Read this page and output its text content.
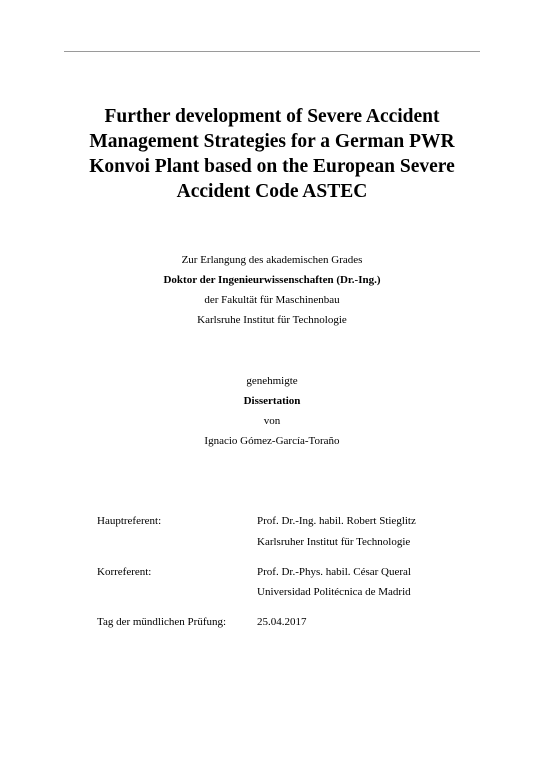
Further development of Severe Accident
Management Strategies for a German PWR
Konvoi Plant based on the European Severe
Accident Code ASTEC
Zur Erlangung des akademischen Grades
Doktor der Ingenieurwissenschaften (Dr.-Ing.)
der Fakultät für Maschinenbau
Karlsruhe Institut für Technologie
genehmigte
Dissertation
von
Ignacio Gómez-García-Toraño
Hauptreferent:	Prof. Dr.-Ing. habil. Robert Stieglitz
Karlsruher Institut für Technologie
Korreferent:	Prof. Dr.-Phys. habil. César Queral
Universidad Politécnica de Madrid
Tag der mündlichen Prüfung:	25.04.2017
